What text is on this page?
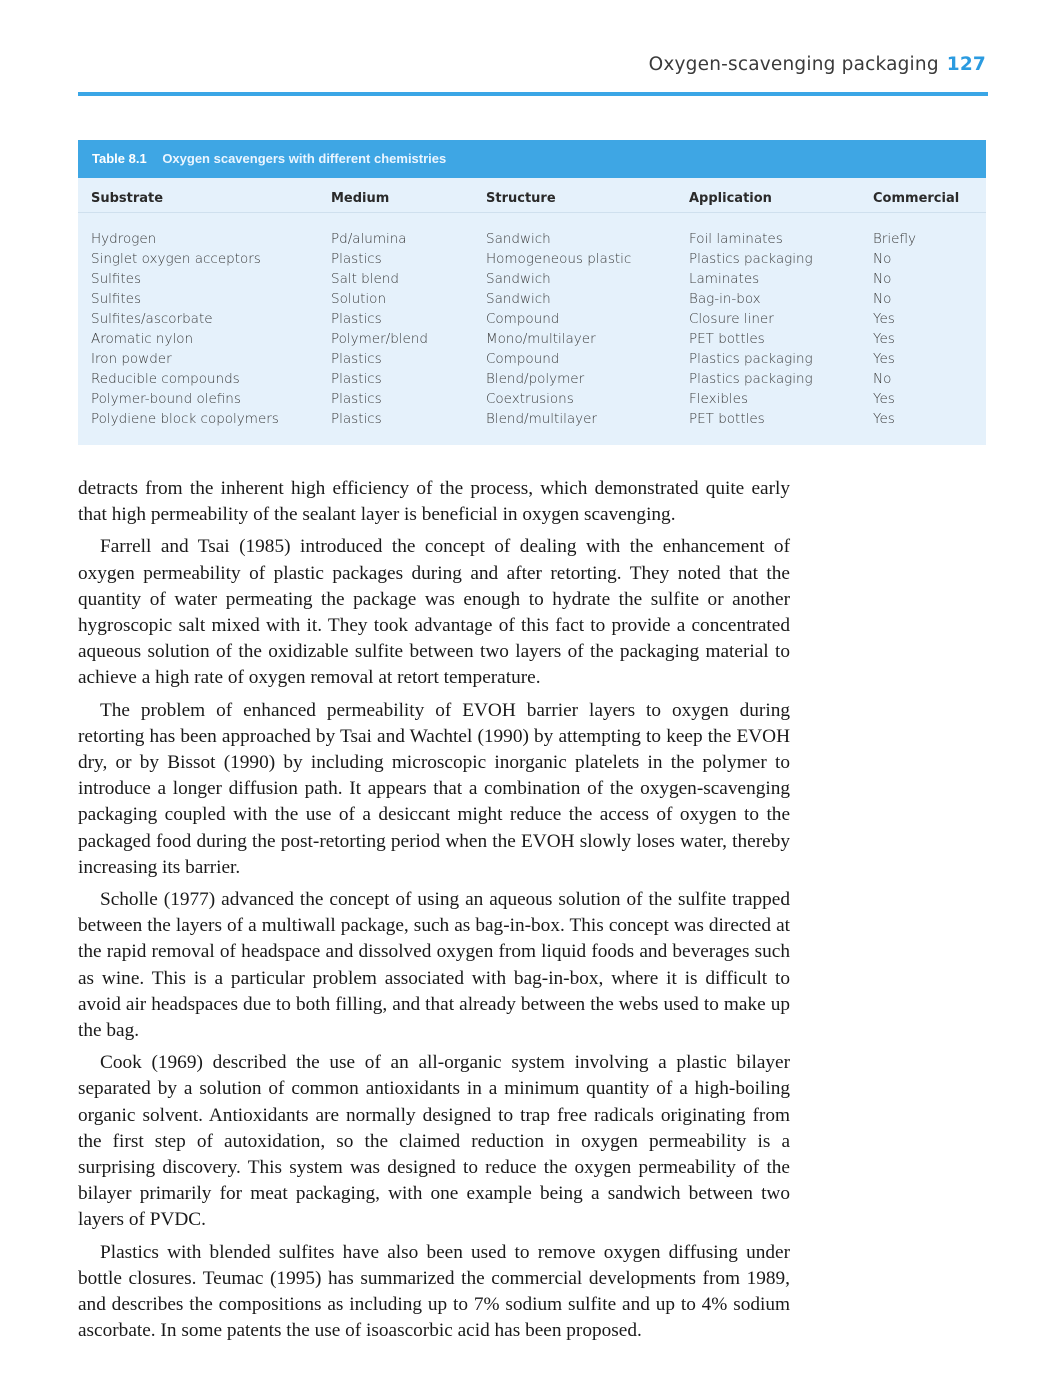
Oxygen-scavenging packaging 127
Table 8.1 Oxygen scavengers with different chemistries
Substrate	Medium	Structure	Application	Commercial
Hydrogen	Pd/alumina	Sandwich	Foil laminates	Briefly
Singlet oxygen acceptors	Plastics	Homogeneous plastic	Plastics packaging	No
Sulfites	Salt blend	Sandwich	Laminates	No
Sulfites	Solution	Sandwich	Bag-in-box	No
Sulfites/ascorbate	Plastics	Compound	Closure liner	Yes
Aromatic nylon	Polymer/blend	Mono/multilayer	PET bottles	Yes
Iron powder	Plastics	Compound	Plastics packaging	Yes
Reducible compounds	Plastics	Blend/polymer	Plastics packaging	No
Polymer-bound olefins	Plastics	Coextrusions	Flexibles	Yes
Polydiene block copolymers	Plastics	Blend/multilayer	PET bottles	Yes

detracts from the inherent high efficiency of the process, which demonstrated quite early that high permeability of the sealant layer is beneficial in oxygen scavenging.

Farrell and Tsai (1985) introduced the concept of dealing with the enhancement of oxygen permeability of plastic packages during and after retorting. They noted that the quantity of water permeating the package was enough to hydrate the sulfite or another hygroscopic salt mixed with it. They took advantage of this fact to provide a concentrated aqueous solution of the oxidizable sulfite between two layers of the packaging material to achieve a high rate of oxygen removal at retort temperature.

The problem of enhanced permeability of EVOH barrier layers to oxygen during retorting has been approached by Tsai and Wachtel (1990) by attempting to keep the EVOH dry, or by Bissot (1990) by including microscopic inorganic platelets in the polymer to introduce a longer diffusion path. It appears that a combination of the oxygen-scavenging packaging coupled with the use of a desiccant might reduce the access of oxygen to the packaged food during the post-retorting period when the EVOH slowly loses water, thereby increasing its barrier.

Scholle (1977) advanced the concept of using an aqueous solution of the sulfite trapped between the layers of a multiwall package, such as bag-in-box. This concept was directed at the rapid removal of headspace and dissolved oxygen from liquid foods and beverages such as wine. This is a particular problem associated with bag-in-box, where it is difficult to avoid air headspaces due to both filling, and that already between the webs used to make up the bag.

Cook (1969) described the use of an all-organic system involving a plastic bilayer separated by a solution of common antioxidants in a minimum quantity of a high-boiling organic solvent. Antioxidants are normally designed to trap free radicals originating from the first step of autoxidation, so the claimed reduction in oxygen permeability is a surprising discovery. This system was designed to reduce the oxygen permeability of the bilayer primarily for meat packaging, with one example being a sandwich between two layers of PVDC.

Plastics with blended sulfites have also been used to remove oxygen diffusing under bottle closures. Teumac (1995) has summarized the commercial developments from 1989, and describes the compositions as including up to 7% sodium sulfite and up to 4% sodium ascorbate. In some patents the use of isoascorbic acid has been proposed.
